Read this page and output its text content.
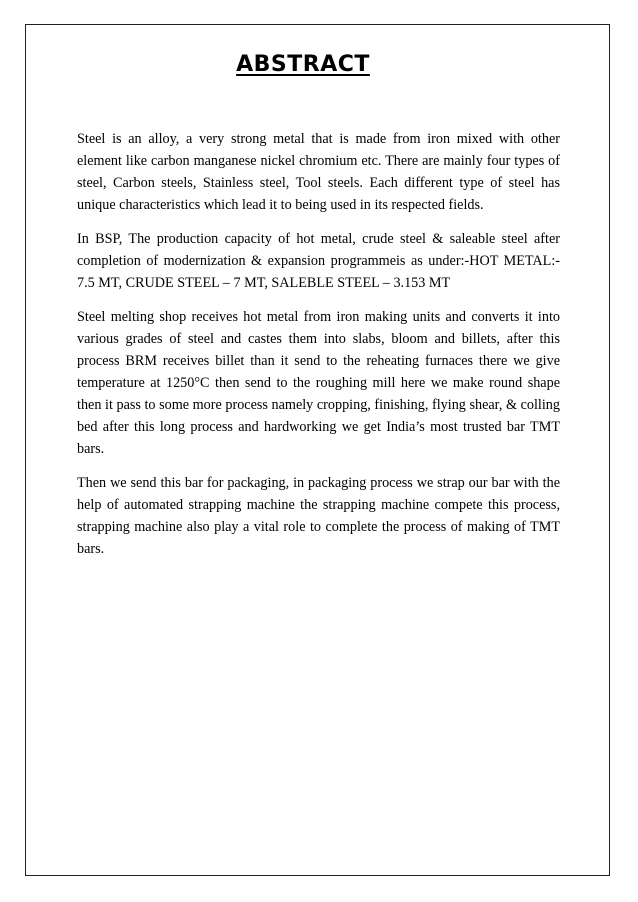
ABSTRACT

Steel is an alloy, a very strong metal that is made from iron mixed with other element like carbon manganese nickel chromium etc. There are mainly four types of steel, Carbon steels, Stainless steel, Tool steels. Each different type of steel has unique characteristics which lead it to being used in its respected fields.

In BSP, The production capacity of hot metal, crude steel & saleable steel after completion of modernization & expansion programmeis as under:-HOT METAL:- 7.5 MT, CRUDE STEEL – 7 MT, SALEBLE STEEL – 3.153 MT

Steel melting shop receives hot metal from iron making units and converts it into various grades of steel and castes them into slabs, bloom and billets, after this process BRM receives billet than it send to the reheating furnaces there we give temperature at 1250°C then send to the roughing mill here we make round shape then it pass to some more process namely cropping, finishing, flying shear, & colling bed after this long process and hardworking we get India’s most trusted bar TMT bars.

Then we send this bar for packaging, in packaging process we strap our bar with the help of automated strapping machine the strapping machine compete this process, strapping machine also play a vital role to complete the process of making of TMT bars.
